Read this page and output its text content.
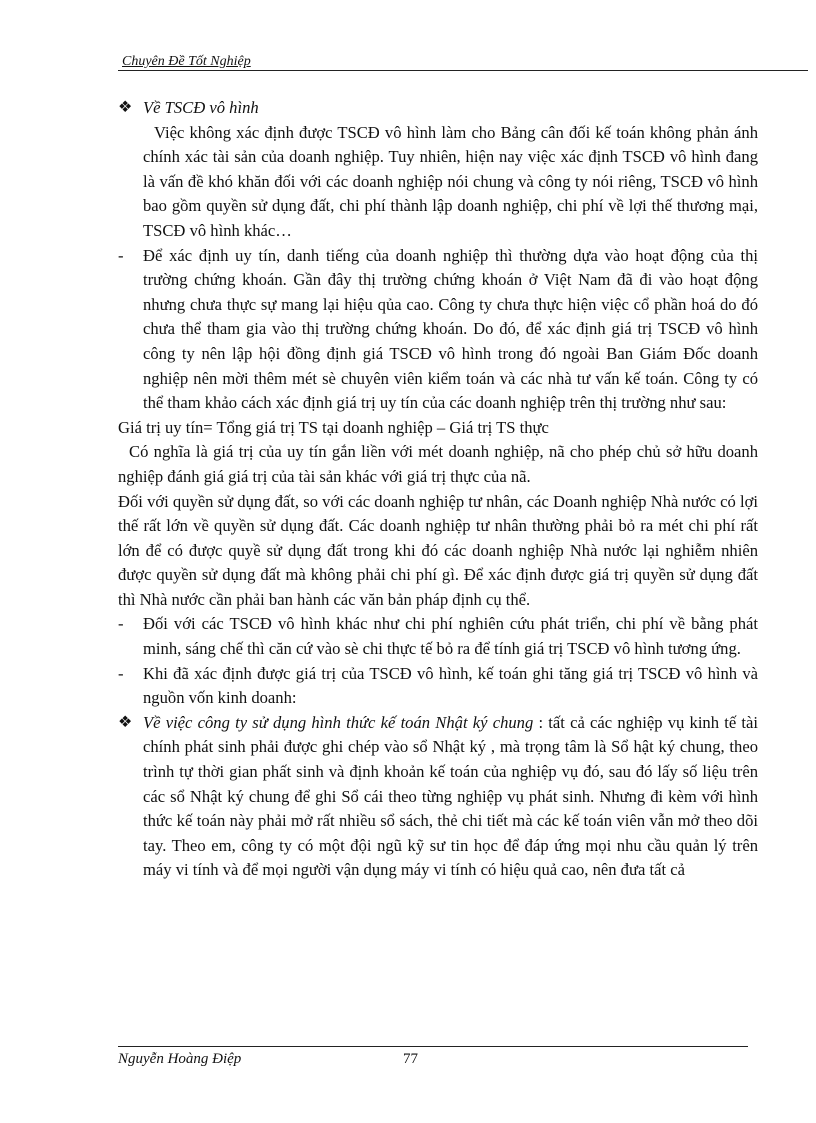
Chuyên Đề Tốt Nghiệp
❖ Về TSCĐ vô hình

Việc không xác định được TSCĐ vô hình làm cho Bảng cân đối kế toán không phản ánh chính xác tài sản của doanh nghiệp. Tuy nhiên, hiện nay việc xác định TSCĐ vô hình đang là vấn đề khó khăn đối với các doanh nghiệp nói chung và công ty nói riêng, TSCĐ vô hình bao gồm quyền sử dụng đất, chi phí thành lập doanh nghiệp, chi phí về lợi thế thương mại, TSCĐ vô hình khác…

- Để xác định uy tín, danh tiếng của doanh nghiệp thì thường dựa vào hoạt động của thị trường chứng khoán. Gần đây thị trường chứng khoán ở Việt Nam đã đi vào hoạt động nhưng chưa thực sự mang lại hiệu qủa cao. Công ty chưa thực hiện việc cổ phần hoá do đó chưa thể tham gia vào thị trường chứng khoán. Do đó, để xác định giá trị TSCĐ vô hình công ty nên lập hội đồng định giá TSCĐ vô hình trong đó ngoài Ban Giám Đốc doanh nghiệp nên mời thêm mét sè chuyên viên kiểm toán và các nhà tư vấn kế toán. Công ty có thể tham khảo cách xác định giá trị uy tín của các doanh nghiệp trên thị trường như sau:

Giá trị uy tín= Tổng giá trị TS tại doanh nghiệp – Giá trị TS thực

Có nghĩa là giá trị của uy tín gắn liền với mét doanh nghiệp, nã cho phép chủ sở hữu doanh nghiệp đánh giá giá trị của tài sản khác với giá trị thực của nã.

Đối với quyền sử dụng đất, so với các doanh nghiệp tư nhân, các Doanh nghiệp Nhà nước có lợi thế rất lớn về quyền sử dụng đất. Các doanh nghiệp tư nhân thường phải bỏ ra mét chi phí rất lớn để có được quyề sử dụng đất trong khi đó các doanh nghiệp Nhà nước lại nghiễm nhiên được quyền sử dụng đất mà không phải chi phí gì. Để xác định được giá trị quyền sử dụng đất thì Nhà nước cần phải ban hành các văn bản pháp định cụ thể.

- Đối với các TSCĐ vô hình khác như chi phí nghiên cứu phát triển, chi phí về bằng phát minh, sáng chế thì căn cứ vào sè chi thực tế bỏ ra để tính giá trị TSCĐ vô hình tương ứng.

- Khi đã xác định được giá trị của TSCĐ vô hình, kế toán ghi tăng giá trị TSCĐ vô hình và nguồn vốn kinh doanh:

❖ Về việc công ty sử dụng hình thức kế toán Nhật ký chung : tất cả các nghiệp vụ kinh tế tài chính phát sinh phải được ghi chép vào sổ Nhật ký , mà trọng tâm là Sổ hật ký chung, theo trình tự thời gian phất sinh và định khoản kế toán của nghiệp vụ đó, sau đó lấy số liệu trên các sổ Nhật ký chung để ghi Sổ cái theo từng nghiệp vụ phát sinh. Nhưng đi kèm với hình thức kế toán này phải mở rất nhiều sổ sách, thẻ chi tiết mà các kế toán viên vẫn mở theo dõi tay. Theo em, công ty có một đội ngũ kỹ sư tin học để đáp ứng mọi nhu cầu quản lý trên máy vi tính và để mọi người vận dụng máy vi tính có hiệu quả cao, nên đưa tất cả

Nguyễn Hoàng Điệp	77
